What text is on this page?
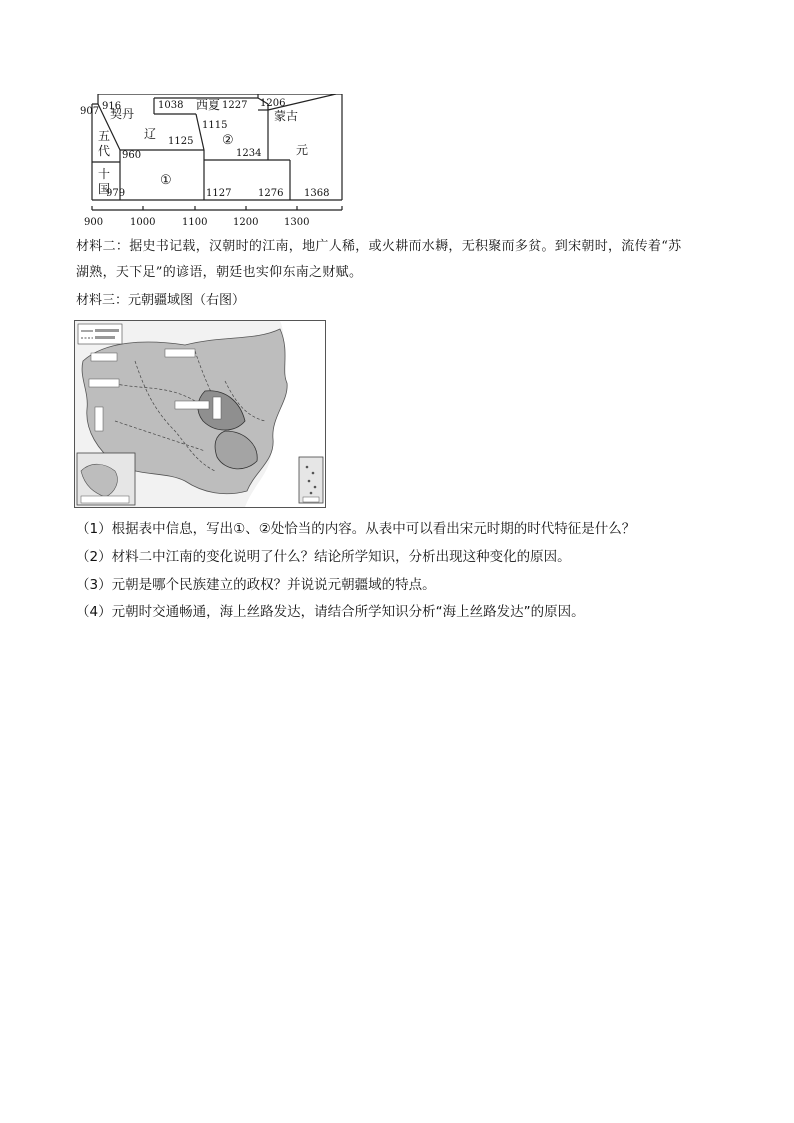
907 916
960
979
1038	1227 1206
1125
1115
1234
1127	1276 1368
契丹
辽
西夏
蒙古
元
②
①
五代
十国
900	1000	1100	1200	1300
材料二：据史书记载，汉朝时的江南，地广人稀，或火耕而水耨，无积聚而多贫。到宋朝时，流传着“苏
湖熟，天下足”的谚语，朝廷也实仰东南之财赋。
材料三：元朝疆域图（右图）
（1）根据表中信息，写出①、②处恰当的内容。从表中可以看出宋元时期的时代特征是什么？
（2）材料二中江南的变化说明了什么？结论所学知识，分析出现这种变化的原因。
（3）元朝是哪个民族建立的政权？并说说元朝疆域的特点。
（4）元朝时交通畅通，海上丝路发达，请结合所学知识分析“海上丝路发达”的原因。
